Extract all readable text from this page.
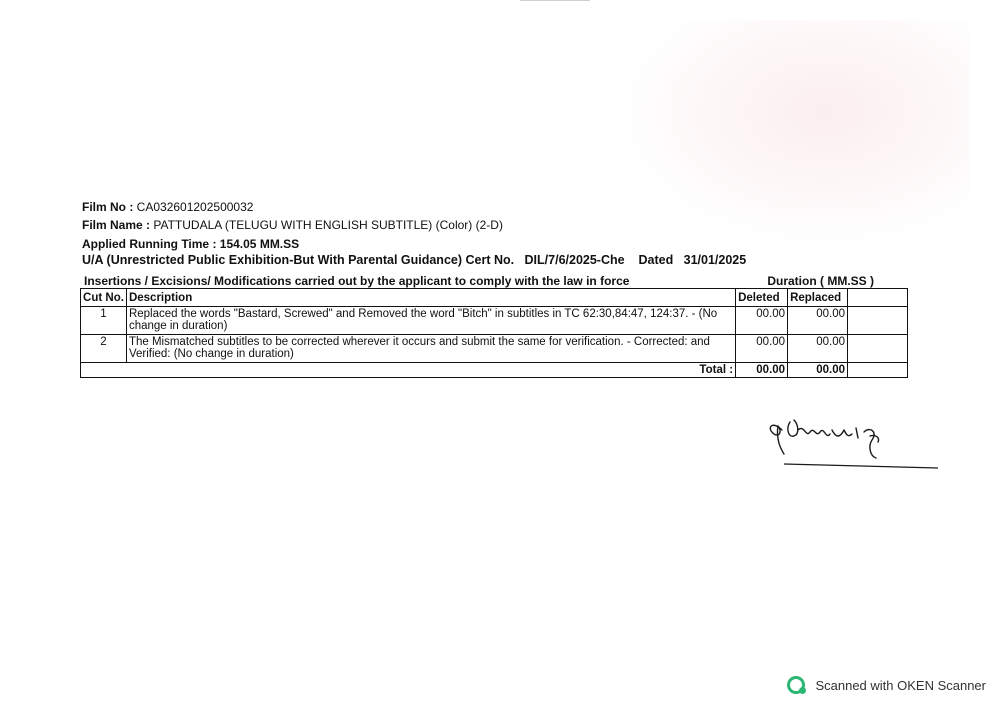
Film No : CA032601202500032
Film Name : PATTUDALA (TELUGU WITH ENGLISH SUBTITLE) (Color) (2-D)
Applied Running Time : 154.05 MM.SS
U/A (Unrestricted Public Exhibition-But With Parental Guidance) Cert No. DIL/7/6/2025-Che Dated 31/01/2025
Insertions / Excisions/ Modifications carried out by the applicant to comply with the law in force	Duration ( MM.SS )
Cut No.	Description	Deleted	Replaced	
1	Replaced the words "Bastard, Screwed" and Removed the word "Bitch" in subtitles in TC 62:30,84:47, 124:37. - (No change in duration)	00.00	00.00	
2	The Mismatched subtitles to be corrected wherever it occurs and submit the same for verification. - Corrected: and Verified: (No change in duration)	00.00	00.00	
Total :		00.00	00.00	
Scanned with OKEN Scanner
